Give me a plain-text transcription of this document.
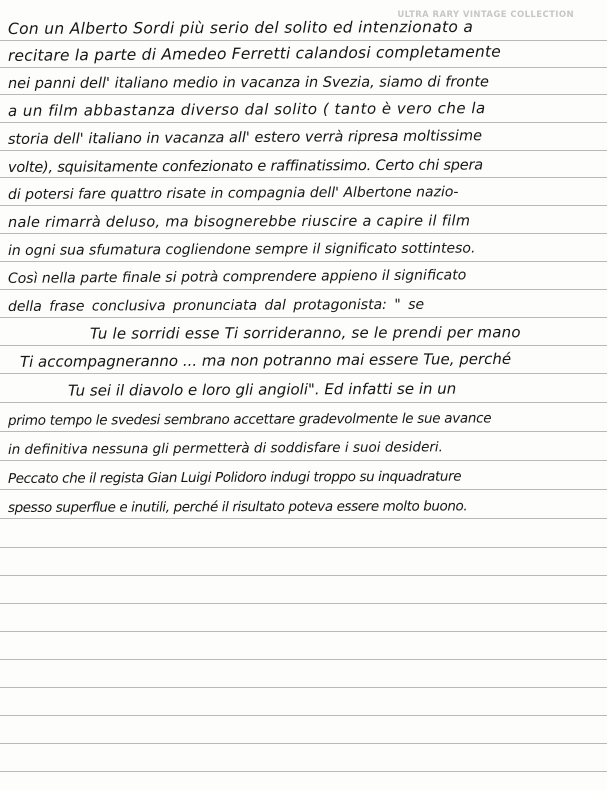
ULTRA RARY VINTAGE COLLECTION
Con un Alberto Sordi più serio del solito ed intenzionato a
recitare la parte di Amedeo Ferretti calandosi completamente
nei panni dell' italiano medio in vacanza in Svezia, siamo di fronte
a un film abbastanza diverso dal solito ( tanto è vero che la
storia dell' italiano in vacanza all' estero verrà ripresa moltissime
volte), squisitamente confezionato e raffinatissimo. Certo chi spera
di potersi fare quattro risate in compagnia dell' Albertone nazio-
nale rimarrà deluso, ma bisognerebbe riuscire a capire il film
in ogni sua sfumatura cogliendone sempre il significato sottinteso.
Così nella parte finale si potrà comprendere appieno il significato
della frase conclusiva pronunciata dal protagonista: " se
Tu le sorridi esse Ti sorrideranno, se le prendi per mano
Ti accompagneranno ... ma non potranno mai essere Tue, perché
Tu sei il diavolo e loro gli angioli". Ed infatti se in un
primo tempo le svedesi sembrano accettare gradevolmente le sue avance
in definitiva nessuna gli permetterà di soddisfare i suoi desideri.
Peccato che il regista Gian Luigi Polidoro indugi troppo su inquadrature
spesso superflue e inutili, perché il risultato poteva essere molto buono.
